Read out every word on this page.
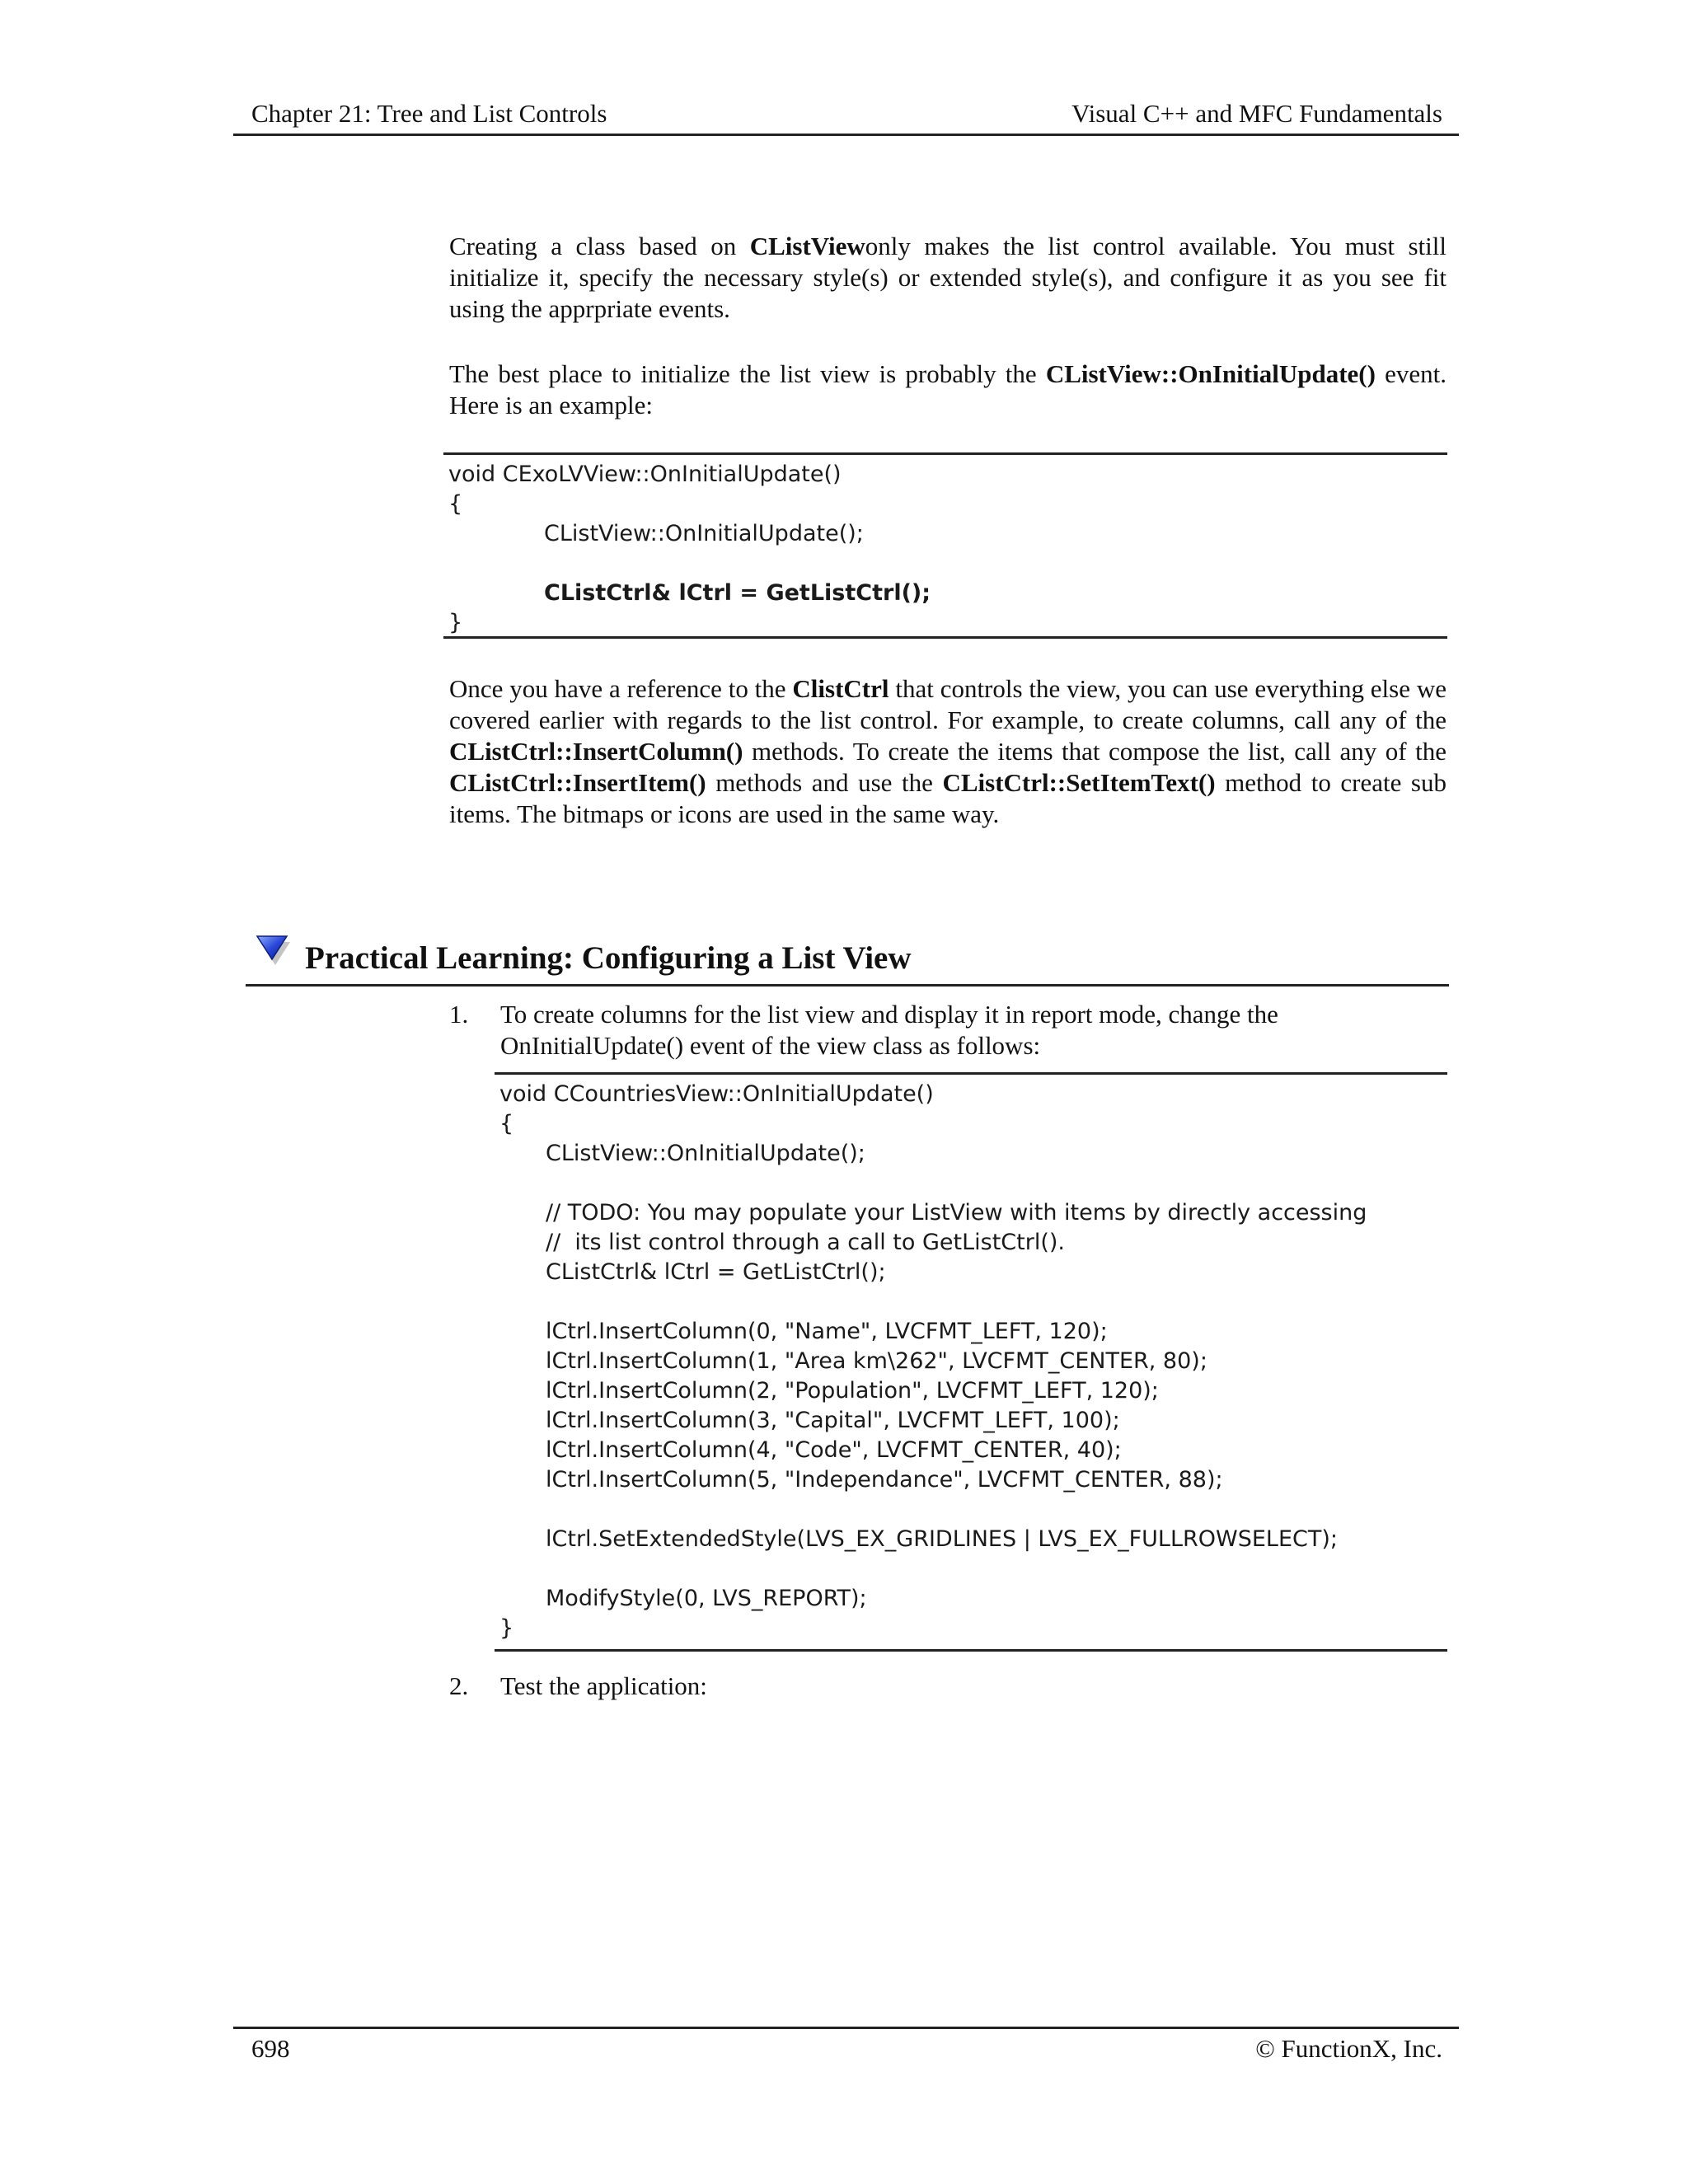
Chapter 21: Tree and List Controls	Visual C++ and MFC Fundamentals
Creating a class based on CListViewonly makes the list control available. You must still initialize it, specify the necessary style(s) or extended style(s), and configure it as you see fit using the apprpriate events.
The best place to initialize the list view is probably the CListView::OnInitialUpdate() event. Here is an example:
void CExoLVView::OnInitialUpdate()
{
CListView::OnInitialUpdate();
CListCtrl& lCtrl = GetListCtrl();
}
Once you have a reference to the ClistCtrl that controls the view, you can use everything else we covered earlier with regards to the list control. For example, to create columns, call any of the CListCtrl::InsertColumn() methods. To create the items that compose the list, call any of the CListCtrl::InsertItem() methods and use the CListCtrl::SetItemText() method to create sub items. The bitmaps or icons are used in the same way.
Practical Learning: Configuring a List View
1. To create columns for the list view and display it in report mode, change the OnInitialUpdate() event of the view class as follows:
void CCountriesView::OnInitialUpdate()
{
CListView::OnInitialUpdate();
// TODO: You may populate your ListView with items by directly accessing
//  its list control through a call to GetListCtrl().
CListCtrl& lCtrl = GetListCtrl();
lCtrl.InsertColumn(0, "Name", LVCFMT_LEFT, 120);
lCtrl.InsertColumn(1, "Area km\262", LVCFMT_CENTER, 80);
lCtrl.InsertColumn(2, "Population", LVCFMT_LEFT, 120);
lCtrl.InsertColumn(3, "Capital", LVCFMT_LEFT, 100);
lCtrl.InsertColumn(4, "Code", LVCFMT_CENTER, 40);
lCtrl.InsertColumn(5, "Independance", LVCFMT_CENTER, 88);
lCtrl.SetExtendedStyle(LVS_EX_GRIDLINES | LVS_EX_FULLROWSELECT);
ModifyStyle(0, LVS_REPORT);
}
2. Test the application:
698	© FunctionX, Inc.
